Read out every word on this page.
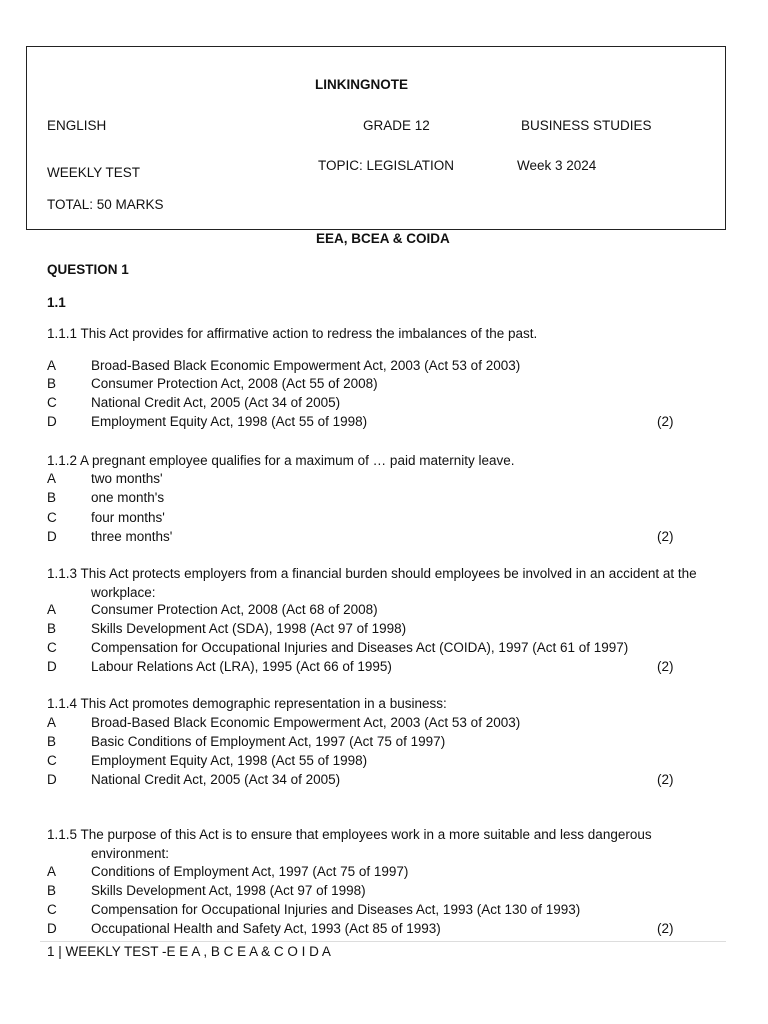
LINKINGNOTE
ENGLISH	GRADE 12	BUSINESS STUDIES
WEEKLY TEST	TOPIC: LEGISLATION	Week 3 2024
TOTAL: 50 MARKS
EEA, BCEA & COIDA
QUESTION 1
1.1
1.1.1 This Act provides for affirmative action to redress the imbalances of the past.
A	Broad-Based Black Economic Empowerment Act, 2003 (Act 53 of 2003)
B	Consumer Protection Act, 2008 (Act 55 of 2008)
C	National Credit Act, 2005 (Act 34 of 2005)
D	Employment Equity Act, 1998 (Act 55 of 1998)	(2)
1.1.2 A pregnant employee qualifies for a maximum of … paid maternity leave.
A	two months'
B	one month's
C	four months'
D	three months'	(2)
1.1.3 This Act protects employers from a financial burden should employees be involved in an accident at the
workplace:
A	Consumer Protection Act, 2008 (Act 68 of 2008)
B	Skills Development Act (SDA), 1998 (Act 97 of 1998)
C	Compensation for Occupational Injuries and Diseases Act (COIDA), 1997 (Act 61 of 1997)
D	Labour Relations Act (LRA), 1995 (Act 66 of 1995)	(2)
1.1.4 This Act promotes demographic representation in a business:
A	Broad-Based Black Economic Empowerment Act, 2003 (Act 53 of 2003)
B	Basic Conditions of Employment Act, 1997 (Act 75 of 1997)
C	Employment Equity Act, 1998 (Act 55 of 1998)
D	National Credit Act, 2005 (Act 34 of 2005)	(2)
1.1.5 The purpose of this Act is to ensure that employees work in a more suitable and less dangerous
environment:
A	Conditions of Employment Act, 1997 (Act 75 of 1997)
B	Skills Development Act, 1998 (Act 97 of 1998)
C	Compensation for Occupational Injuries and Diseases Act, 1993 (Act 130 of 1993)
D	Occupational Health and Safety Act, 1993 (Act 85 of 1993)	(2)
1 | WEEKLY TEST -E E A , B C E A & C O I D A
